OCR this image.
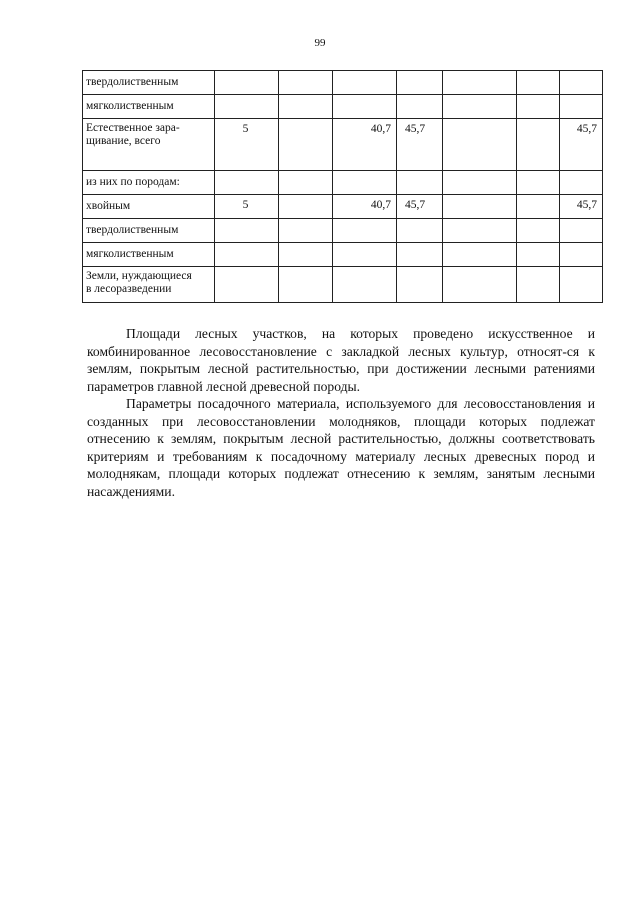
99
твердолиственным							
мягколиственным							

Естественное зара-
щивание, всего	5		40,7	45,7			45,7
из них по породам:							
хвойным	5		40,7	45,7			45,7
твердолиственным							
мягколиственным							

Земли, нуждающиеся
в лесоразведении							

Площади лесных участков, на которых проведено искусственное и комбинированное лесовосстановление с закладкой лесных культур, относят-ся к землям, покрытым лесной растительностью, при достижении лесными ратениями параметров главной лесной древесной породы.

Параметры посадочного материала, используемого для лесовосстановления и созданных при лесовосстановлении молодняков, площади которых подлежат отнесению к землям, покрытым лесной растительностью, должны соответствовать критериям и требованиям к посадочному материалу лесных древесных пород и молоднякам, площади которых подлежат отнесению к землям, занятым лесными насаждениями.
